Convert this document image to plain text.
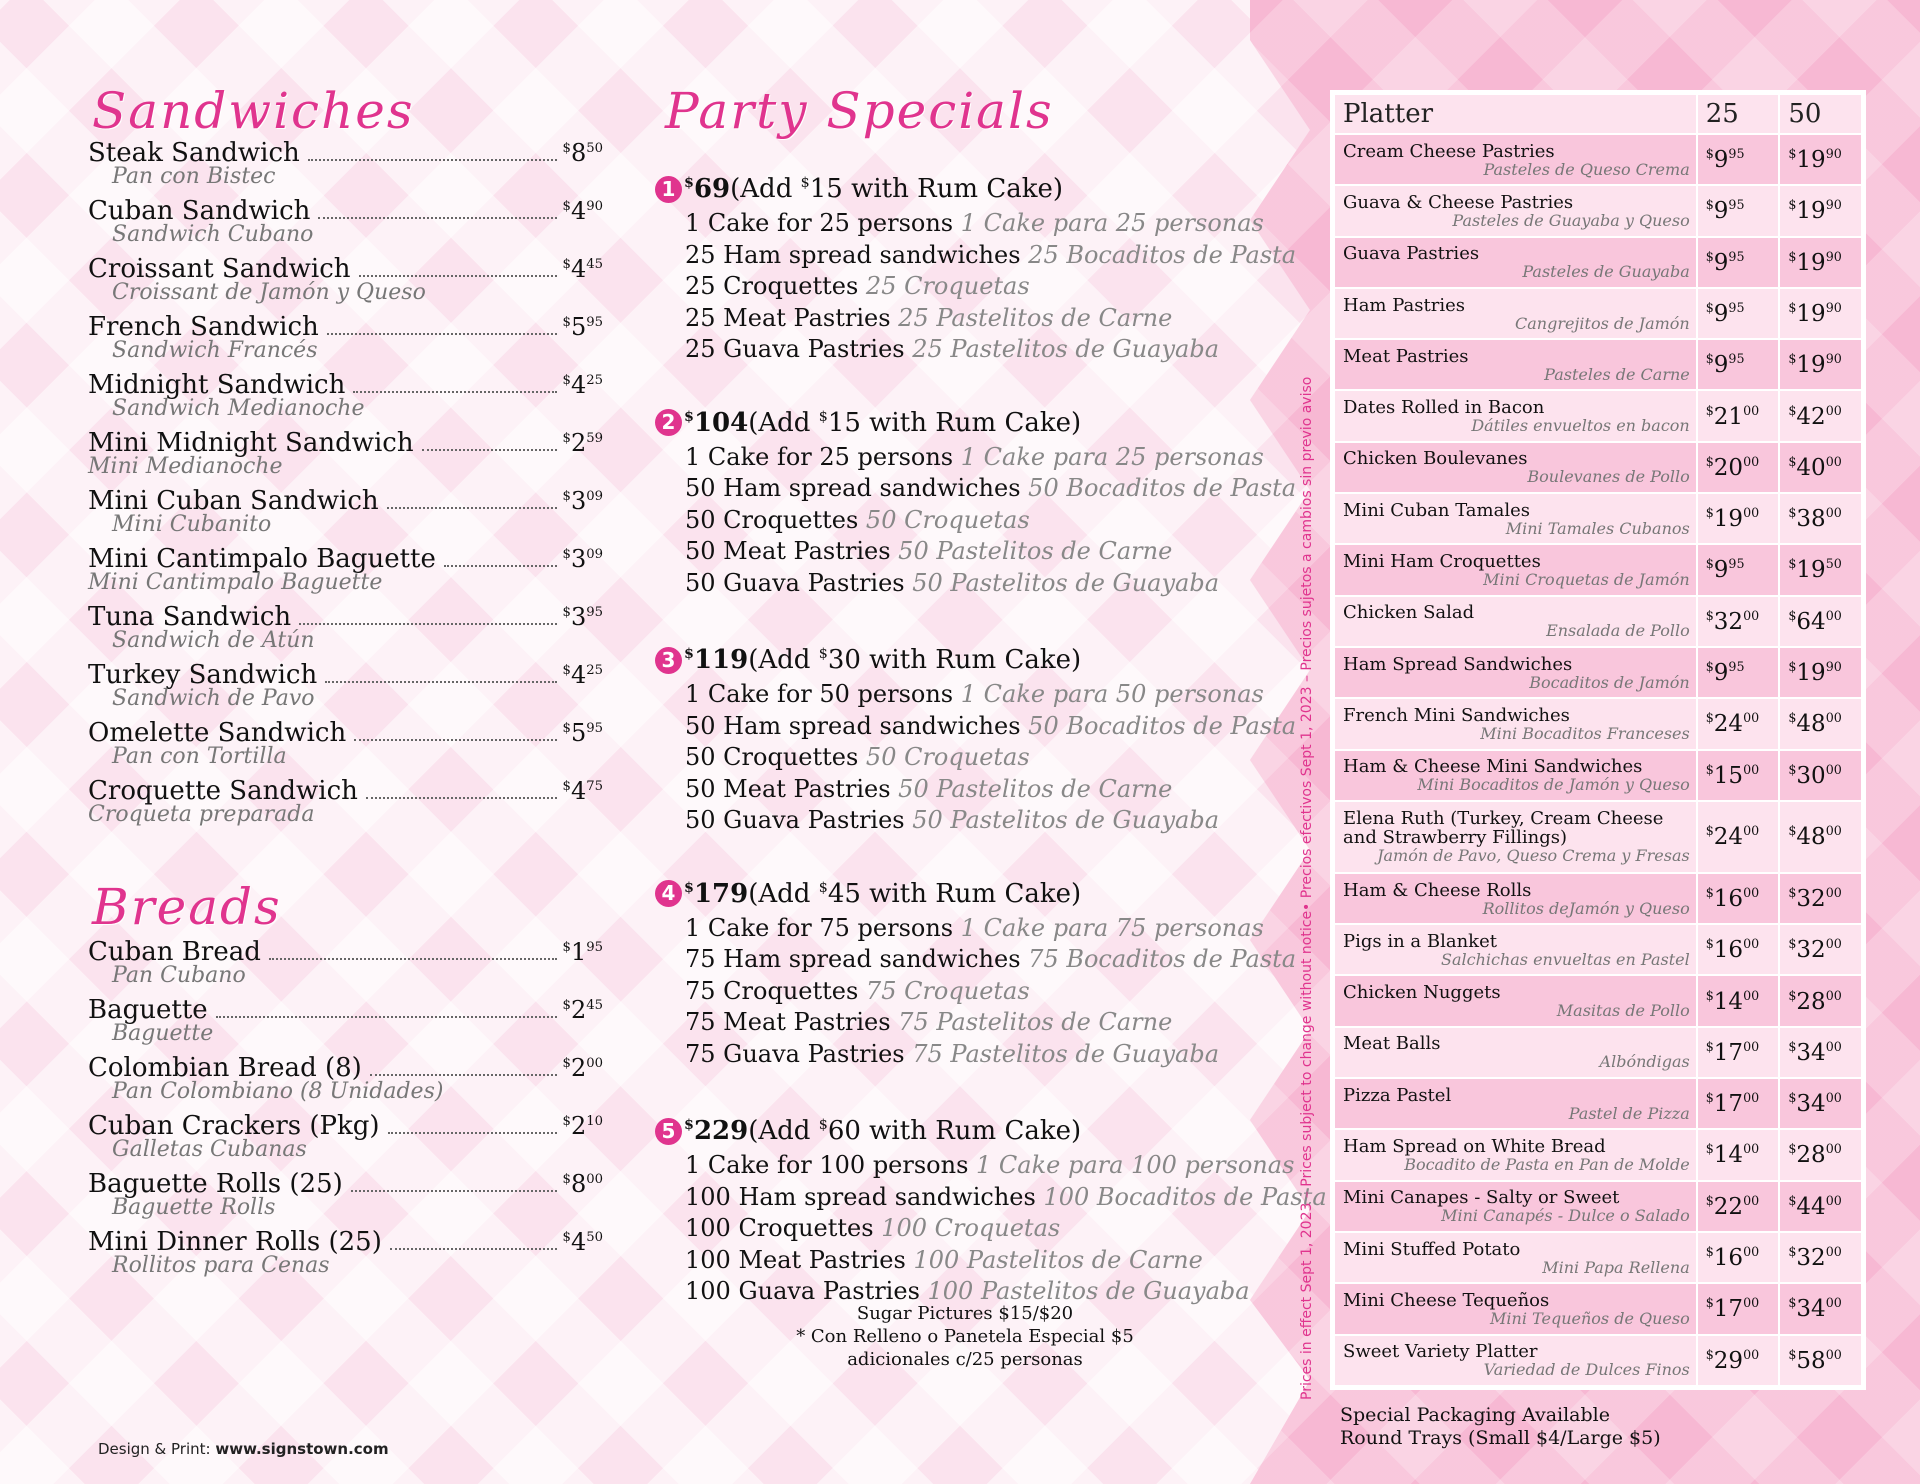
Sandwiches
Steak Sandwich	$^{\$}8^{50}$
Pan con Bistec
Cuban Sandwich	$^{\$}4^{90}$
Sandwich Cubano
Croissant Sandwich	$^{\$}4^{45}$
Croissant de Jamón y Queso
French Sandwich	$^{\$}5^{95}$
Sandwich Francés
Midnight Sandwich	$^{\$}4^{25}$
Sandwich Medianoche
Mini Midnight Sandwich	$^{\$}2^{59}$
Mini Medianoche
Mini Cuban Sandwich	$^{\$}3^{09}$
Mini Cubanito
Mini Cantimpalo Baguette	$^{\$}3^{09}$
Mini Cantimpalo Baguette
Tuna Sandwich	$^{\$}3^{95}$
Sandwich de Atún
Turkey Sandwich	$^{\$}4^{25}$
Sandwich de Pavo
Omelette Sandwich	$^{\$}5^{95}$
Pan con Tortilla
Croquette Sandwich	$^{\$}4^{75}$
Croqueta preparada
Breads
Cuban Bread	$^{\$}1^{95}$
Pan Cubano
Baguette	$^{\$}2^{45}$
Baguette
Colombian Bread (8)	$^{\$}2^{00}$
Pan Colombiano (8 Unidades)
Cuban Crackers (Pkg)	$^{\$}2^{10}$
Galletas Cubanas
Baguette Rolls (25)	$^{\$}8^{00}$
Baguette Rolls
Mini Dinner Rolls (25)	$^{\$}4^{50}$
Rollitos para Cenas
Party Specials
1 $69 (Add $15 with Rum Cake)
1 Cake for 25 persons 1 Cake para 25 personas
25 Ham spread sandwiches 25 Bocaditos de Pasta
25 Croquettes 25 Croquetas
25 Meat Pastries 25 Pastelitos de Carne
25 Guava Pastries 25 Pastelitos de Guayaba
2 $104 (Add $15 with Rum Cake)
1 Cake for 25 persons 1 Cake para 25 personas
50 Ham spread sandwiches 50 Bocaditos de Pasta
50 Croquettes 50 Croquetas
50 Meat Pastries 50 Pastelitos de Carne
50 Guava Pastries 50 Pastelitos de Guayaba
3 $119 (Add $30 with Rum Cake)
1 Cake for 50 persons 1 Cake para 50 personas
50 Ham spread sandwiches 50 Bocaditos de Pasta
50 Croquettes 50 Croquetas
50 Meat Pastries 50 Pastelitos de Carne
50 Guava Pastries 50 Pastelitos de Guayaba
4 $179 (Add $45 with Rum Cake)
1 Cake for 75 persons 1 Cake para 75 personas
75 Ham spread sandwiches 75 Bocaditos de Pasta
75 Croquettes 75 Croquetas
75 Meat Pastries 75 Pastelitos de Carne
75 Guava Pastries 75 Pastelitos de Guayaba
5 $229 (Add $60 with Rum Cake)
1 Cake for 100 persons 1 Cake para 100 personas
100 Ham spread sandwiches 100 Bocaditos de Pasta
100 Croquettes 100 Croquetas
100 Meat Pastries 100 Pastelitos de Carne
100 Guava Pastries 100 Pastelitos de Guayaba
Sugar Pictures $15/$20
* Con Relleno o Panetela Especial $5
adicionales c/25 personas	Prices in effect Sept 1, 2023 – Prices subject to change without notice• Precios efectivos Sept 1, 2023 – Precios sujetos a cambios sin previo aviso
Platter	25	50

Cream Cheese Pastries
Pasteles de Queso Crema	$^{\$}9^{95}$	$^{\$}19^{90}$

Guava & Cheese Pastries
Pasteles de Guayaba y Queso	$^{\$}9^{95}$	$^{\$}19^{90}$

Guava Pastries
Pasteles de Guayaba	$^{\$}9^{95}$	$^{\$}19^{90}$

Ham Pastries
Cangrejitos de Jamón	$^{\$}9^{95}$	$^{\$}19^{90}$

Meat Pastries
Pasteles de Carne	$^{\$}9^{95}$	$^{\$}19^{90}$

Dates Rolled in Bacon
Dátiles envueltos en bacon	$^{\$}21^{00}$	$^{\$}42^{00}$

Chicken Boulevanes
Boulevanes de Pollo	$^{\$}20^{00}$	$^{\$}40^{00}$

Mini Cuban Tamales
Mini Tamales Cubanos	$^{\$}19^{00}$	$^{\$}38^{00}$

Mini Ham Croquettes
Mini Croquetas de Jamón	$^{\$}9^{95}$	$^{\$}19^{50}$

Chicken Salad
Ensalada de Pollo	$^{\$}32^{00}$	$^{\$}64^{00}$

Ham Spread Sandwiches
Bocaditos de Jamón	$^{\$}9^{95}$	$^{\$}19^{90}$

French Mini Sandwiches
Mini Bocaditos Franceses	$^{\$}24^{00}$	$^{\$}48^{00}$

Ham & Cheese Mini Sandwiches
Mini Bocaditos de Jamón y Queso	$^{\$}15^{00}$	$^{\$}30^{00}$

Elena Ruth (Turkey, Cream Cheese and Strawberry Fillings)
Jamón de Pavo, Queso Crema y Fresas	$^{\$}24^{00}$	$^{\$}48^{00}$

Ham & Cheese Rolls
Rollitos deJamón y Queso	$^{\$}16^{00}$	$^{\$}32^{00}$

Pigs in a Blanket
Salchichas envueltas en Pastel	$^{\$}16^{00}$	$^{\$}32^{00}$

Chicken Nuggets
Masitas de Pollo	$^{\$}14^{00}$	$^{\$}28^{00}$

Meat Balls
Albóndigas	$^{\$}17^{00}$	$^{\$}34^{00}$

Pizza Pastel
Pastel de Pizza	$^{\$}17^{00}$	$^{\$}34^{00}$

Ham Spread on White Bread
Bocadito de Pasta en Pan de Molde	$^{\$}14^{00}$	$^{\$}28^{00}$

Mini Canapes - Salty or Sweet
Mini Canapés - Dulce o Salado	$^{\$}22^{00}$	$^{\$}44^{00}$

Mini Stuffed Potato
Mini Papa Rellena	$^{\$}16^{00}$	$^{\$}32^{00}$

Mini Cheese Tequeños
Mini Tequeños de Queso	$^{\$}17^{00}$	$^{\$}34^{00}$

Sweet Variety Platter
Variedad de Dulces Finos	$^{\$}29^{00}$	$^{\$}58^{00}$
Special Packaging Available
Round Trays (Small $4/Large $5)
Design & Print: www.signstown.com
